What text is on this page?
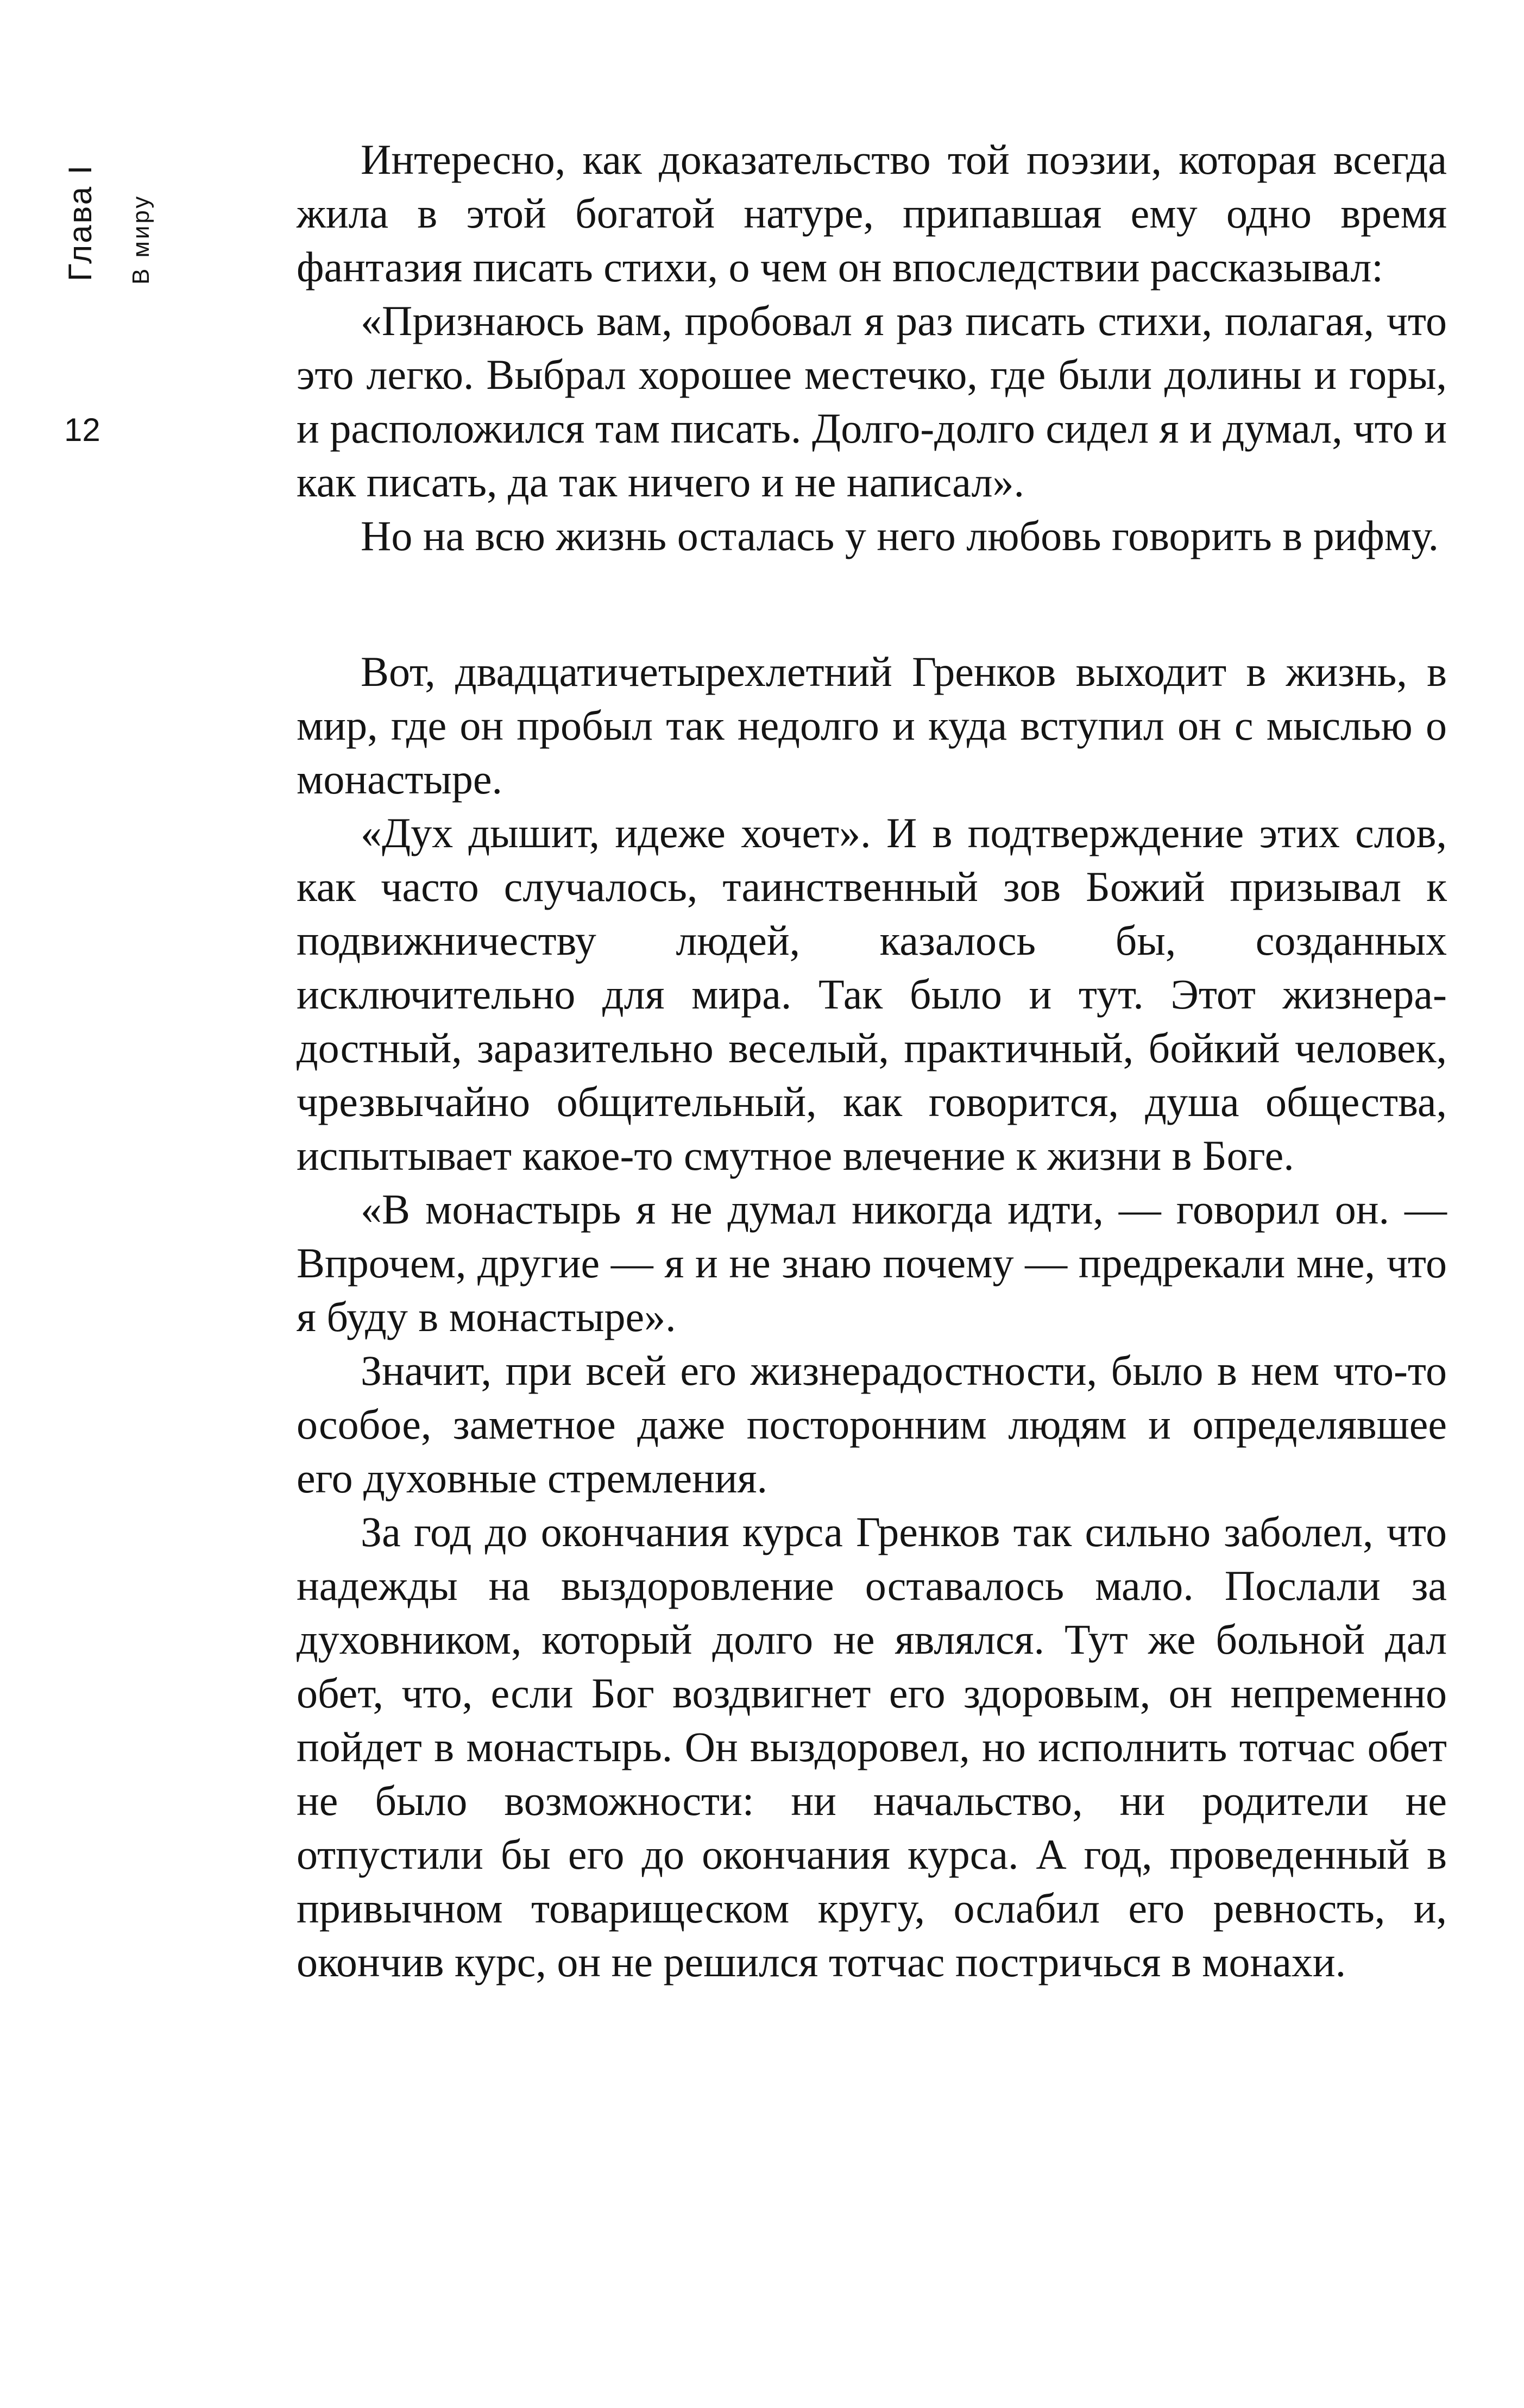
Глава I В миру
12

Интересно, как доказательство той поэзии, которая всегда жила в этой богатой натуре, припавшая ему одно время фантазия писать стихи, о чем он впоследствии рассказывал:

«Признаюсь вам, пробовал я раз писать стихи, полагая, что это легко. Выбрал хорошее местечко, где были долины и горы, и расположился там писать. Долго-долго сидел я и думал, что и как писать, да так ничего и не написал».

Но на всю жизнь осталась у него любовь говорить в рифму.

Вот, двадцатичетырехлетний Гренков выходит в жизнь, в мир, где он пробыл так недолго и куда вступил он с мыслью о монастыре.

«Дух дышит, идеже хочет». И в подтверждение этих слов, как часто случалось, таинственный зов Божий призывал к подвижничеству людей, казалось бы, созданных исключительно для мира. Так было и тут. Этот жизнерадостный, заразительно веселый, практичный, бойкий человек, чрезвычайно общительный, как говорится, душа общества, испытывает какое-то смутное влечение к жизни в Боге.

«В монастырь я не думал никогда идти, — говорил он. — Впрочем, другие — я и не знаю почему — предрекали мне, что я буду в монастыре».

Значит, при всей его жизнерадостности, было в нем что-то особое, заметное даже посторонним людям и определявшее его духовные стремления.

За год до окончания курса Гренков так сильно заболел, что надежды на выздоровление оставалось мало. Послали за духовником, который долго не являлся. Тут же больной дал обет, что, если Бог воздвигнет его здоровым, он непременно пойдет в монастырь. Он выздоровел, но исполнить тотчас обет не было возможности: ни начальство, ни родители не отпустили бы его до окончания курса. А год, проведенный в привычном товарищеском кругу, ослабил его ревность, и, окончив курс, он не решился тотчас постричься в монахи.
